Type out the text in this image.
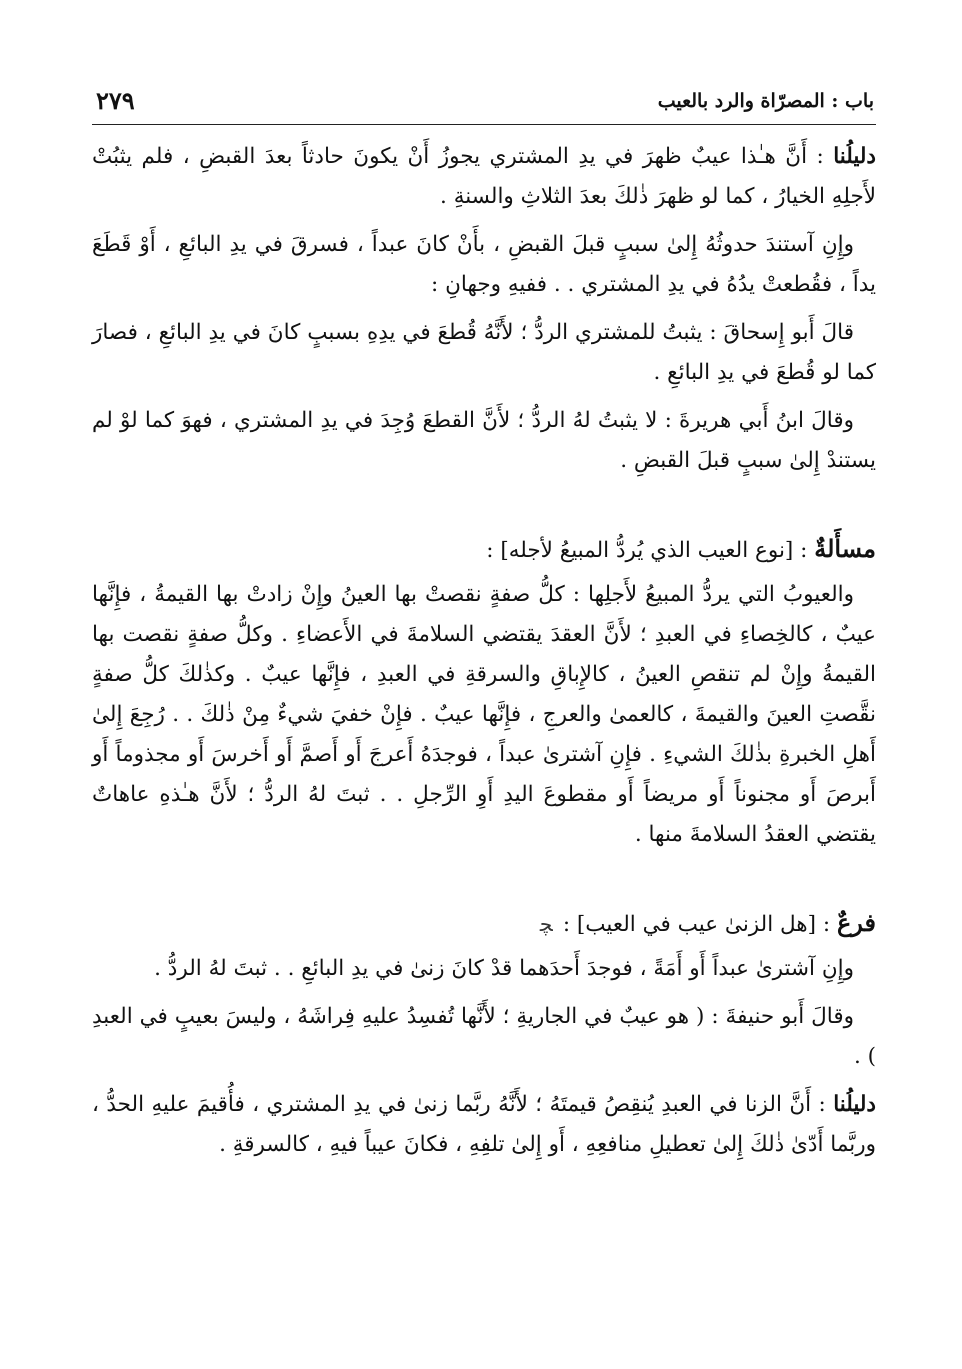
باب : المصرّاة والرد بالعيب
٢٧٩

دليلُنا : أَنَّ هـٰذا عيبٌ ظهرَ في يدِ المشتري يجوزُ أَنْ يكونَ حادثاً بعدَ القبضِ ، فلم يثبُتْ لأَجلِهِ الخيارُ ، كما لو ظهرَ ذٰلكَ بعدَ الثلاثِ والسنةِ .

وإِنِ آستندَ حدوثُهُ إِلىٰ سببٍ قبلَ القبضِ ، بأَنْ كانَ عبداً ، فسرقَ في يدِ البائعِ ، أَوْ قَطَعَ يداً ، فقُطعتْ يدُهُ في يدِ المشتري . . ففيهِ وجهانِ :

قالَ أَبو إِسحاقَ : يثبتُ للمشتري الردُّ ؛ لأَنَّهُ قُطعَ في يدِهِ بسببٍ كانَ في يدِ البائعِ ، فصارَ كما لو قُطعَ في يدِ البائعِ .

وقالَ ابنُ أَبي هريرةَ : لا يثبتُ لهُ الردُّ ؛ لأَنَّ القطعَ وُجِدَ في يدِ المشتري ، فهوَ كما لوْ لم يستندْ إِلىٰ سببٍ قبلَ القبضِ .

مسأَلةٌ : [نوع العيب الذي يُردُّ المبيعُ لأجله] :

والعيوبُ التي يردُّ المبيعُ لأَجلِها : كلُّ صفةٍ نقصتْ بها العينُ وإِنْ زادتْ بها القيمةُ ، فإِنَّها عيبٌ ، كالخِصاءِ في العبدِ ؛ لأَنَّ العقدَ يقتضي السلامةَ في الأَعضاءِ . وكلُّ صفةٍ نقصت بها القيمةُ وإِنْ لم تنقصِ العينُ ، كالإِباقِ والسرقةِ في العبدِ ، فإِنَّها عيبٌ . وكذٰلكَ كلُّ صفةٍ نقَّصتِ العينَ والقيمةَ ، كالعمىٰ والعرجِ ، فإِنَّها عيبٌ . فإِنْ خفيَ شيءٌ مِنْ ذٰلكَ . . رُجِعَ إِلىٰ أَهلِ الخبرةِ بذٰلكَ الشيءِ . فإِنِ آشترىٰ عبداً ، فوجدَهُ أَعرجَ أَو أَصمَّ أَو أَخرسَ أَو مجذوماً أَو أَبرصَ أَو مجنوناً أَو مريضاً أَو مقطوعَ اليدِ أَوِ الرِّجلِ . . ثبتَ لهُ الردُّ ؛ لأَنَّ هـٰذهِ عاهاتٌ يقتضي العقدُ السلامةَ منها .

فرعٌ : [هل الزنىٰ عيب في العيب] :ﭽ

وإِنِ آشترىٰ عبداً أَو أَمَةً ، فوجدَ أَحدَهما قدْ كانَ زنىٰ في يدِ البائعِ . . ثبتَ لهُ الردُّ .

وقالَ أَبو حنيفةَ : ( هو عيبٌ في الجاريةِ ؛ لأَنَّها تُفسِدُ عليهِ فِراشَهُ ، وليسَ بعيبٍ في العبدِ ) .

دليلُنا : أَنَّ الزنا في العبدِ يُنقِصُ قيمتَهُ ؛ لأَنَّهُ ربَّما زنىٰ في يدِ المشتري ، فأُقيمَ عليهِ الحدُّ ، وربَّما أَدّىٰ ذٰلكَ إِلىٰ تعطيلِ منافعِهِ ، أَو إِلىٰ تلفِهِ ، فكانَ عيباً فيهِ ، كالسرقةِ .
